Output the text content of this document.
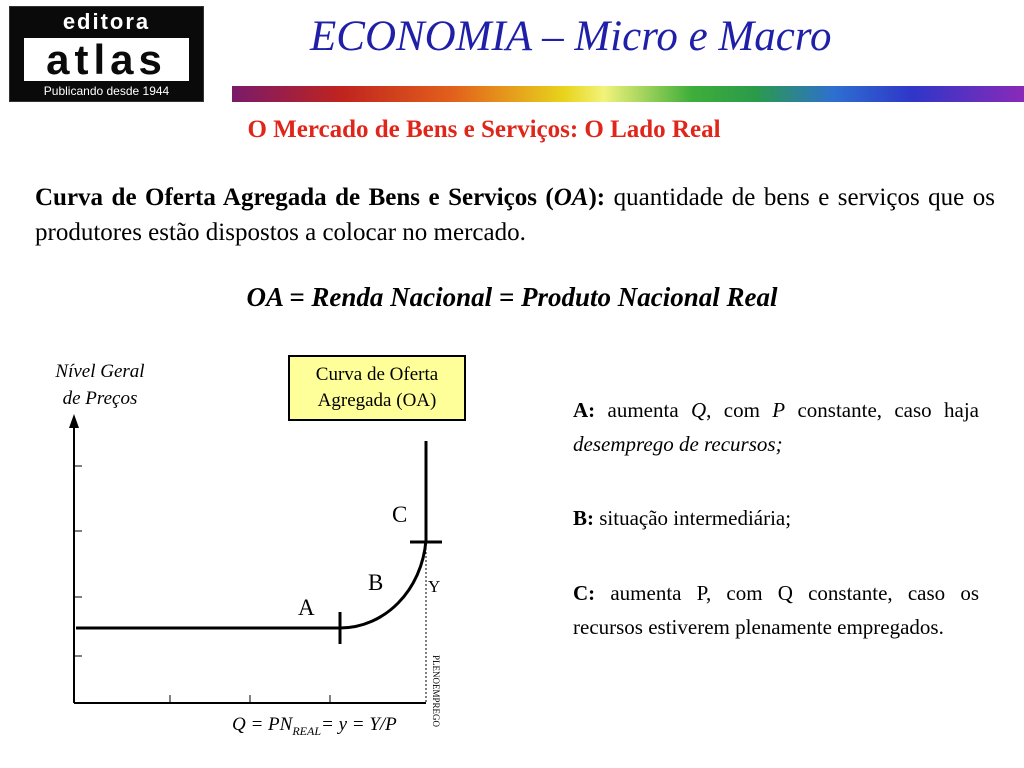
editora
atlas
Publicando desde 1944
ECONOMIA – Micro e Macro
O Mercado de Bens e Serviços: O Lado Real
Curva de Oferta Agregada de Bens e Serviços (OA): quantidade de bens e serviços que os produtores estão dispostos a colocar no mercado.
OA = Renda Nacional = Produto Nacional Real
Nível Geral
de Preços
Curva de Oferta
Agregada (OA)
A
B
C
Y
PLENOEMPREGO
$Q = PN_{REAL}= y = Y/P$
A: aumenta Q, com P constante, caso haja desemprego de recursos;
B: situação intermediária;
C: aumenta P, com Q constante, caso os recursos estiverem plenamente empregados.
